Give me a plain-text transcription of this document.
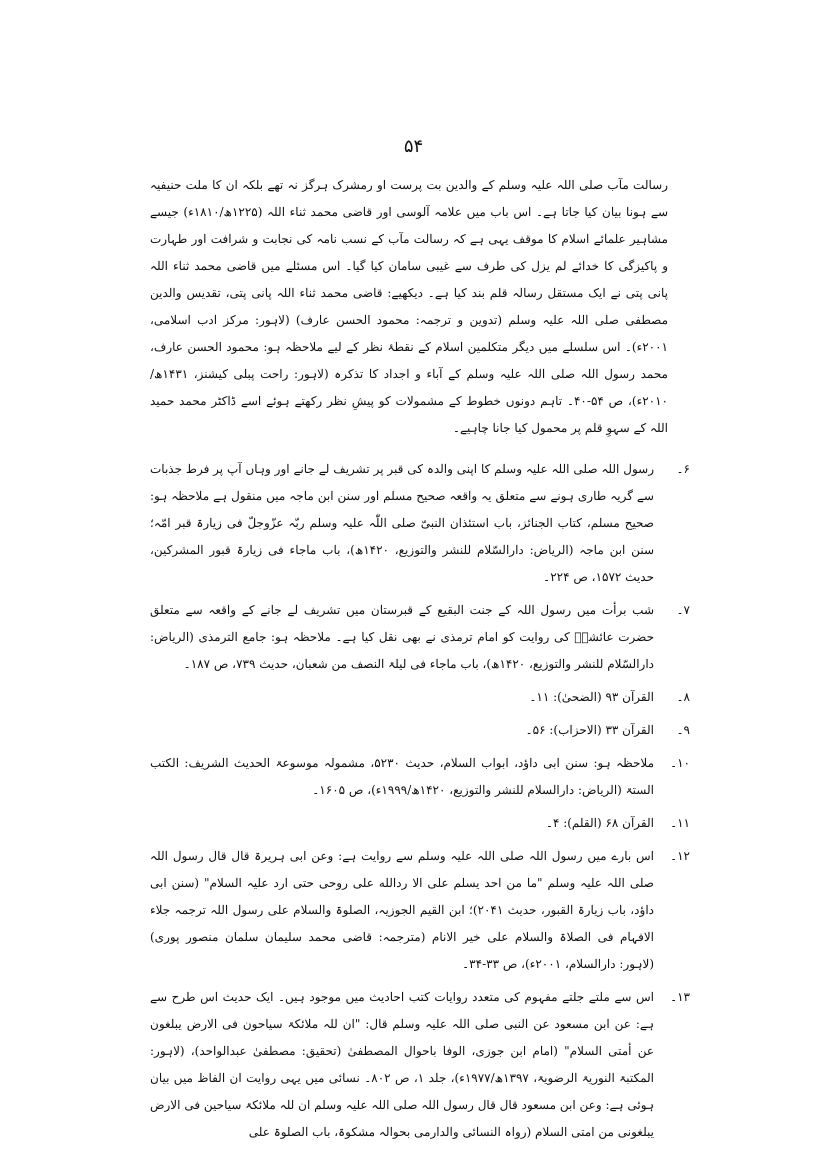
۵۴
رسالت مآب صلی اللہ علیہ وسلم کے والدین بت پرست او رمشرک ہرگز نہ تھے بلکہ ان کا ملت حنیفیہ سے ہونا بیان کیا جاتا ہے۔ اس باب میں علامہ آلوسی اور قاضی محمد ثناء اللہ (۱۲۲۵ھ/۱۸۱۰ء) جیسے مشاہیر علمائے اسلام کا موقف یہی ہے کہ رسالت مآب کے نسب نامہ کی نجابت و شرافت اور طہارت و پاکیزگی کا خدائے لم یزل کی طرف سے غیبی سامان کیا گیا۔ اس مسئلے میں قاضی محمد ثناء اللہ پانی پتی نے ایک مستقل رسالہ قلم بند کیا ہے۔ دیکھیے: قاضی محمد ثناء اللہ پانی پتی، تقدیس والدین مصطفی صلی اللہ علیہ وسلم (تدوین و ترجمہ: محمود الحسن عارف) (لاہور: مرکز ادب اسلامی، ۲۰۰۱ء)۔ اس سلسلے میں دیگر متکلمین اسلام کے نقطۂ نظر کے لیے ملاحظہ ہو: محمود الحسن عارف، محمد رسول اللہ صلی اللہ علیہ وسلم کے آباء و اجداد کا تذکرہ (لاہور: راحت پبلی کیشنز، ۱۴۳۱ھ/۲۰۱۰ء)، ص ۵۴-۴۰۔ تاہم دونوں خطوط کے مشمولات کو پیشِ نظر رکھتے ہوئے اسے ڈاکٹر محمد حمید اللہ کے سہوِ قلم پر محمول کیا جانا چاہیے۔
۶۔
رسول اللہ صلی اللہ علیہ وسلم کا اپنی والدہ کی قبر پر تشریف لے جانے اور وہاں آپ پر فرط جذبات سے گریہ طاری ہونے سے متعلق یہ واقعہ صحیح مسلم اور سنن ابن ماجہ میں منقول ہے ملاحظہ ہو: صحیح مسلم، کتاب الجنائز، باب استئذان النبیّ صلی اللّٰہ علیہ وسلم ربّہ عزّوجلّ فی زیارۃ قبر امّہ؛ سنن ابن ماجہ (الریاض: دارالسّلام للنشر والتوزیع، ۱۴۲۰ھ)، باب ماجاء فی زیارۃ قبور المشرکین، حدیث ۱۵۷۲، ص ۲۲۴۔
۷۔
شب برأت میں رسول اللہ کے جنت البقیع کے قبرستان میں تشریف لے جانے کے واقعہ سے متعلق حضرت عائشہؓ کی روایت کو امام ترمذی نے بھی نقل کیا ہے۔ ملاحظہ ہو: جامع الترمذی (الریاض: دارالسّلام للنشر والتوزیع، ۱۴۲۰ھ)، باب ماجاء فی لیلۃ النصف من شعبان، حدیث ۷۳۹، ص ۱۸۷۔
۸۔
القرآن ۹۳ (الضحیٰ): ۱۱۔
۹۔
القرآن ۳۳ (الاحزاب): ۵۶۔
۱۰۔
ملاحظہ ہو: سنن ابی داؤد، ابواب السلام، حدیث ۵۲۳۰، مشمولہ موسوعۃ الحدیث الشریف: الکتب الستۃ (الریاض: دارالسلام للنشر والتوزیع، ۱۴۲۰ھ/۱۹۹۹ء)، ص ۱۶۰۵۔
۱۱۔
القرآن ۶۸ (القلم): ۴۔
۱۲۔
اس بارے میں رسول اللہ صلی اللہ علیہ وسلم سے روایت ہے: وعن ابی ہریرۃ قال قال رسول اللہ صلی اللہ علیہ وسلم "ما من احد یسلم علی الا ردالله علی روحی حتی ارد علیہ السلام" (سنن ابی داؤد، باب زیارۃ القبور، حدیث ۲۰۴۱)؛ ابن القیم الجوزیہ، الصلوۃ والسلام علی رسول اللہ ترجمہ جلاء الافہام فی الصلاۃ والسلام علی خیر الانام (مترجمہ: قاضی محمد سلیمان سلمان منصور پوری) (لاہور: دارالسلام، ۲۰۰۱ء)، ص ۳۳-۳۴۔
۱۳۔
اس سے ملتے جلتے مفہوم کی متعدد روایات کتب احادیث میں موجود ہیں۔ ایک حدیث اس طرح سے ہے: عن ابن مسعود عن النبی صلی اللہ علیہ وسلم قال: "ان للہ ملائکۃ سیاحون فی الارض یبلغون عن أمتی السلام" (امام ابن جوزی، الوفا باحوال المصطفیٰ (تحقیق: مصطفیٰ عبدالواحد)، (لاہور: المکتبۃ النوریۃ الرضویۃ، ۱۳۹۷ھ/۱۹۷۷ء)، جلد ۱، ص ۸۰۲۔ نسائی میں یہی روایت ان الفاظ میں بیان ہوئی ہے: وعن ابن مسعود قال قال رسول اللہ صلی اللہ علیہ وسلم ان للہ ملائکۃ سیاحین فی الارض یبلغونی من امتی السلام (رواہ النسائی والدارمی بحوالہ مشکوۃ، باب الصلوۃ علی
